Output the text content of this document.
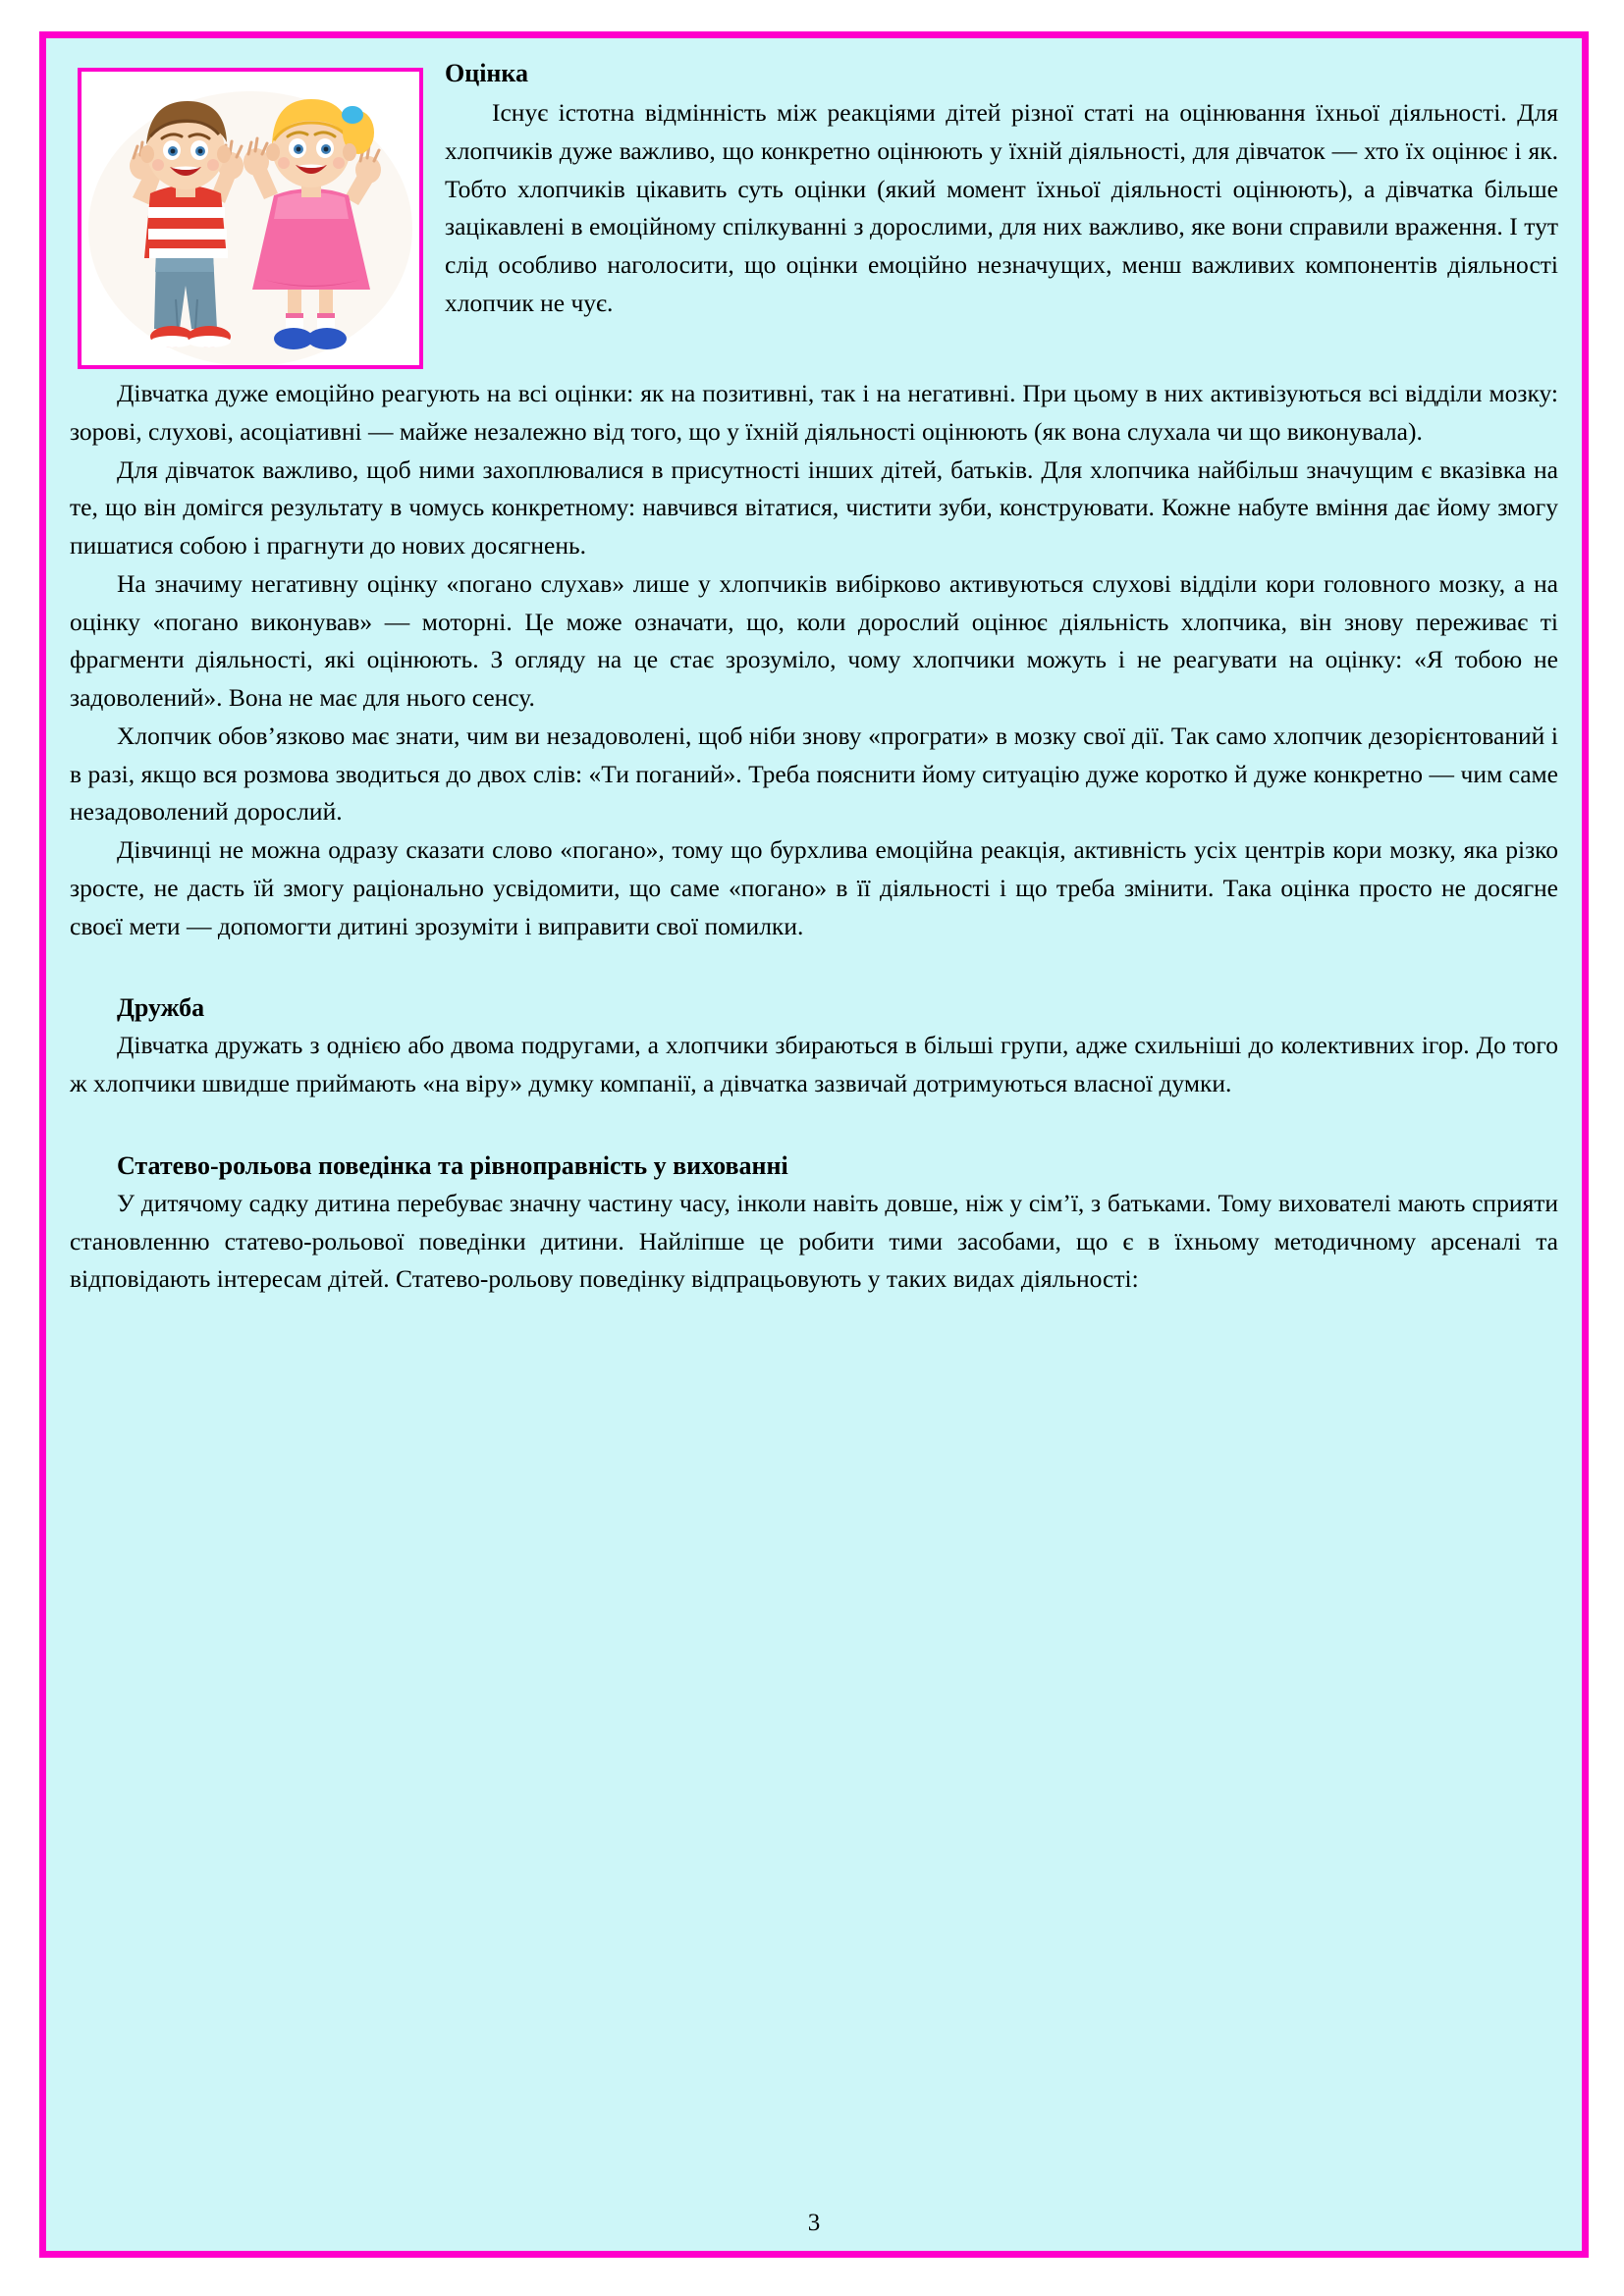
Оцінка

Існує істотна відмінність між реакціями дітей різної статі на оцінювання їхньої діяльності. Для хлопчиків дуже важливо, що конкретно оцінюють у їхній діяльності, для дівчаток — хто їх оцінює і як. Тобто хлопчиків цікавить суть оцінки (який момент їхньої діяльності оцінюють), а дівчатка більше зацікавлені в емоційному спілкуванні з дорослими, для них важливо, яке вони справили враження. І тут слід особливо наголосити, що оцінки емоційно незначущих, менш важливих компонентів діяльності хлопчик не чує.

Дівчатка дуже емоційно реагують на всі оцінки: як на позитивні, так і на негативні. При цьому в них активізуються всі відділи мозку: зорові, слухові, асоціативні — майже незалежно від того, що у їхній діяльності оцінюють (як вона слухала чи що виконувала).

Для дівчаток важливо, щоб ними захоплювалися в присутності інших дітей, батьків. Для хлопчика найбільш значущим є вказівка на те, що він домігся результату в чомусь конкретному: навчився вітатися, чистити зуби, конструювати. Кожне набуте вміння дає йому змогу пишатися собою і прагнути до нових досягнень.

На значиму негативну оцінку «погано слухав» лише у хлопчиків вибірково активуються слухові відділи кори головного мозку, а на оцінку «погано виконував» — моторні. Це може означати, що, коли дорослий оцінює діяльність хлопчика, він знову переживає ті фрагменти діяльності, які оцінюють. З огляду на це стає зрозуміло, чому хлопчики можуть і не реагувати на оцінку: «Я тобою не задоволений». Вона не має для нього сенсу.

Хлопчик обов’язково має знати, чим ви незадоволені, щоб ніби знову «програти» в мозку свої дії. Так само хлопчик дезорієнтований і в разі, якщо вся розмова зводиться до двох слів: «Ти поганий». Треба пояснити йому ситуацію дуже коротко й дуже конкретно — чим саме незадоволений дорослий.

Дівчинці не можна одразу сказати слово «погано», тому що бурхлива емоційна реакція, активність усіх центрів кори мозку, яка різко зросте, не дасть їй змогу раціонально усвідомити, що саме «погано» в її діяльності і що треба змінити. Така оцінка просто не досягне своєї мети — допомогти дитині зрозуміти і виправити свої помилки.

Дружба

Дівчатка дружать з однією або двома подругами, а хлопчики збираються в більші групи, адже схильніші до колективних ігор. До того ж хлопчики швидше приймають «на віру» думку компанії, а дівчатка зазвичай дотримуються власної думки.

Статево-рольова поведінка та рівноправність у вихованні

У дитячому садку дитина перебуває значну частину часу, інколи навіть довше, ніж у сім’ї, з батьками. Тому вихователі мають сприяти становленню статево-рольової поведінки дитини. Найліпше це робити тими засобами, що є в їхньому методичному арсеналі та відповідають інтересам дітей. Статево-рольову поведінку відпрацьовують у таких видах діяльності:

3
